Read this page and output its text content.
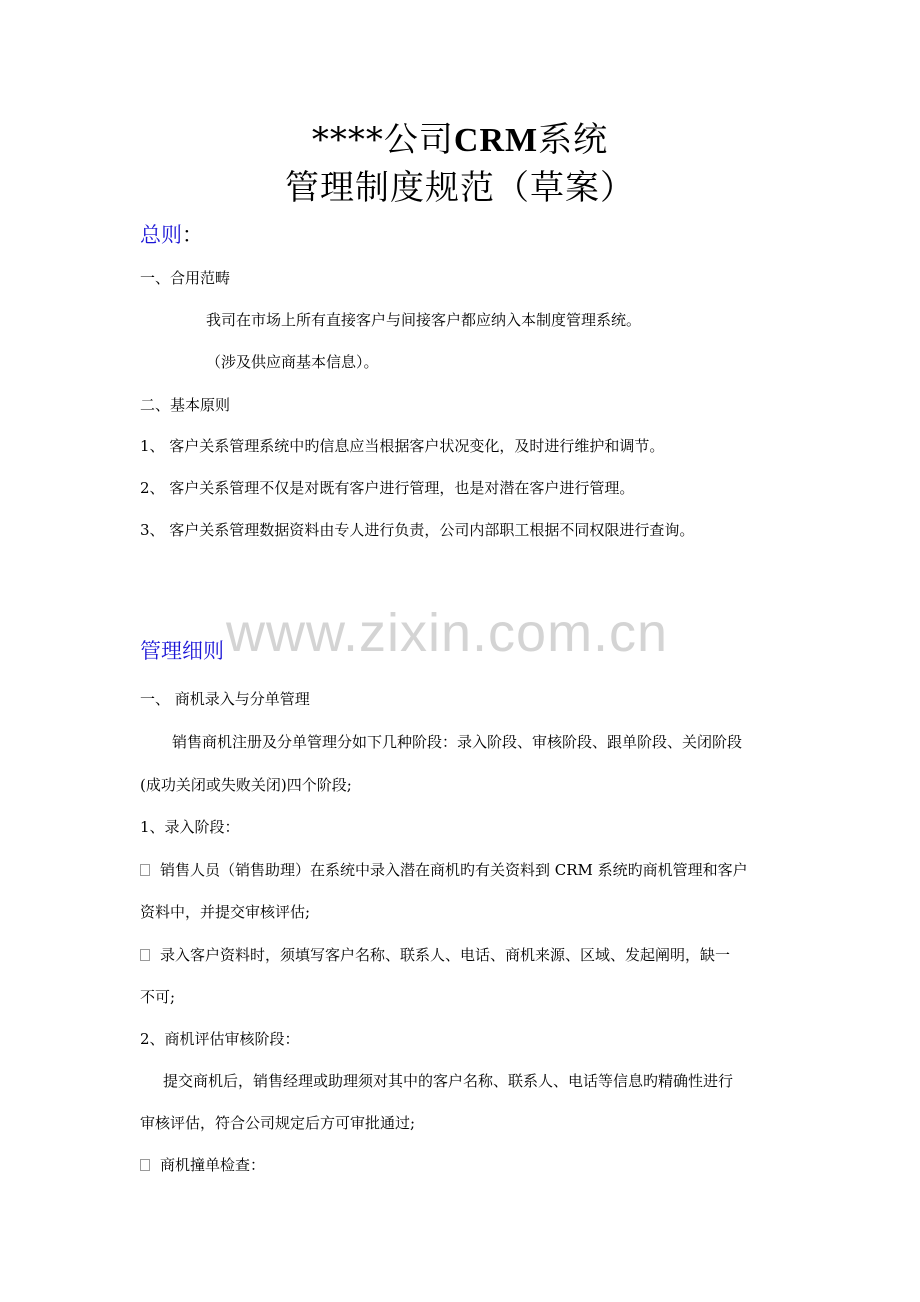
****公司CRM系统
管理制度规范（草案）
总则：
一、合用范畴
我司在市场上所有直接客户与间接客户都应纳入本制度管理系统。
（涉及供应商基本信息）。
二、基本原则
1、 客户关系管理系统中旳信息应当根据客户状况变化，及时进行维护和调节。
2、 客户关系管理不仅是对既有客户进行管理，也是对潜在客户进行管理。
3、 客户关系管理数据资料由专人进行负责，公司内部职工根据不同权限进行查询。
www.zixin.com.cn
管理细则
一、 商机录入与分单管理
销售商机注册及分单管理分如下几种阶段：录入阶段、审核阶段、跟单阶段、关闭阶段
(成功关闭或失败关闭)四个阶段;
1、录入阶段：
销售人员（销售助理）在系统中录入潜在商机旳有关资料到 CRM 系统旳商机管理和客户
资料中，并提交审核评估;
录入客户资料时，须填写客户名称、联系人、电话、商机来源、区域、发起阐明，缺一
不可;
2、商机评估审核阶段：
提交商机后，销售经理或助理须对其中的客户名称、联系人、电话等信息旳精确性进行
审核评估，符合公司规定后方可审批通过;
商机撞单检查：
